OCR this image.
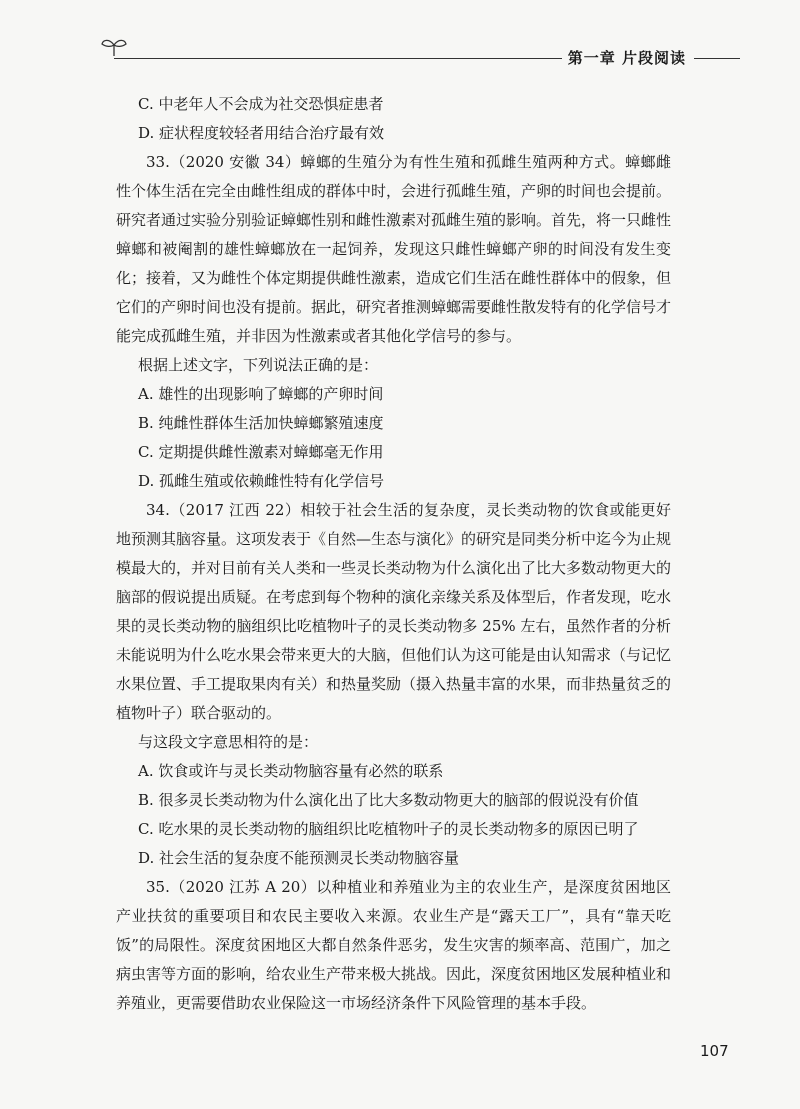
第一章 片段阅读

C. 中老年人不会成为社交恐惧症患者

D. 症状程度较轻者用结合治疗最有效

33.（2020 安徽 34）蟑螂的生殖分为有性生殖和孤雌生殖两种方式。蟑螂雌性个体生活在完全由雌性组成的群体中时，会进行孤雌生殖，产卵的时间也会提前。研究者通过实验分别验证蟑螂性别和雌性激素对孤雌生殖的影响。首先，将一只雌性蟑螂和被阉割的雄性蟑螂放在一起饲养，发现这只雌性蟑螂产卵的时间没有发生变化；接着，又为雌性个体定期提供雌性激素，造成它们生活在雌性群体中的假象，但它们的产卵时间也没有提前。据此，研究者推测蟑螂需要雌性散发特有的化学信号才能完成孤雌生殖，并非因为性激素或者其他化学信号的参与。

根据上述文字，下列说法正确的是：

A. 雄性的出现影响了蟑螂的产卵时间

B. 纯雌性群体生活加快蟑螂繁殖速度

C. 定期提供雌性激素对蟑螂毫无作用

D. 孤雌生殖或依赖雌性特有化学信号

34.（2017 江西 22）相较于社会生活的复杂度，灵长类动物的饮食或能更好地预测其脑容量。这项发表于《自然—生态与演化》的研究是同类分析中迄今为止规模最大的，并对目前有关人类和一些灵长类动物为什么演化出了比大多数动物更大的脑部的假说提出质疑。在考虑到每个物种的演化亲缘关系及体型后，作者发现，吃水果的灵长类动物的脑组织比吃植物叶子的灵长类动物多 25% 左右，虽然作者的分析未能说明为什么吃水果会带来更大的大脑，但他们认为这可能是由认知需求（与记忆水果位置、手工提取果肉有关）和热量奖励（摄入热量丰富的水果，而非热量贫乏的植物叶子）联合驱动的。

与这段文字意思相符的是：

A. 饮食或许与灵长类动物脑容量有必然的联系

B. 很多灵长类动物为什么演化出了比大多数动物更大的脑部的假说没有价值

C. 吃水果的灵长类动物的脑组织比吃植物叶子的灵长类动物多的原因已明了

D. 社会生活的复杂度不能预测灵长类动物脑容量

35.（2020 江苏 A 20）以种植业和养殖业为主的农业生产，是深度贫困地区产业扶贫的重要项目和农民主要收入来源。农业生产是“露天工厂”，具有“靠天吃饭”的局限性。深度贫困地区大都自然条件恶劣，发生灾害的频率高、范围广，加之病虫害等方面的影响，给农业生产带来极大挑战。因此，深度贫困地区发展种植业和养殖业，更需要借助农业保险这一市场经济条件下风险管理的基本手段。

107
